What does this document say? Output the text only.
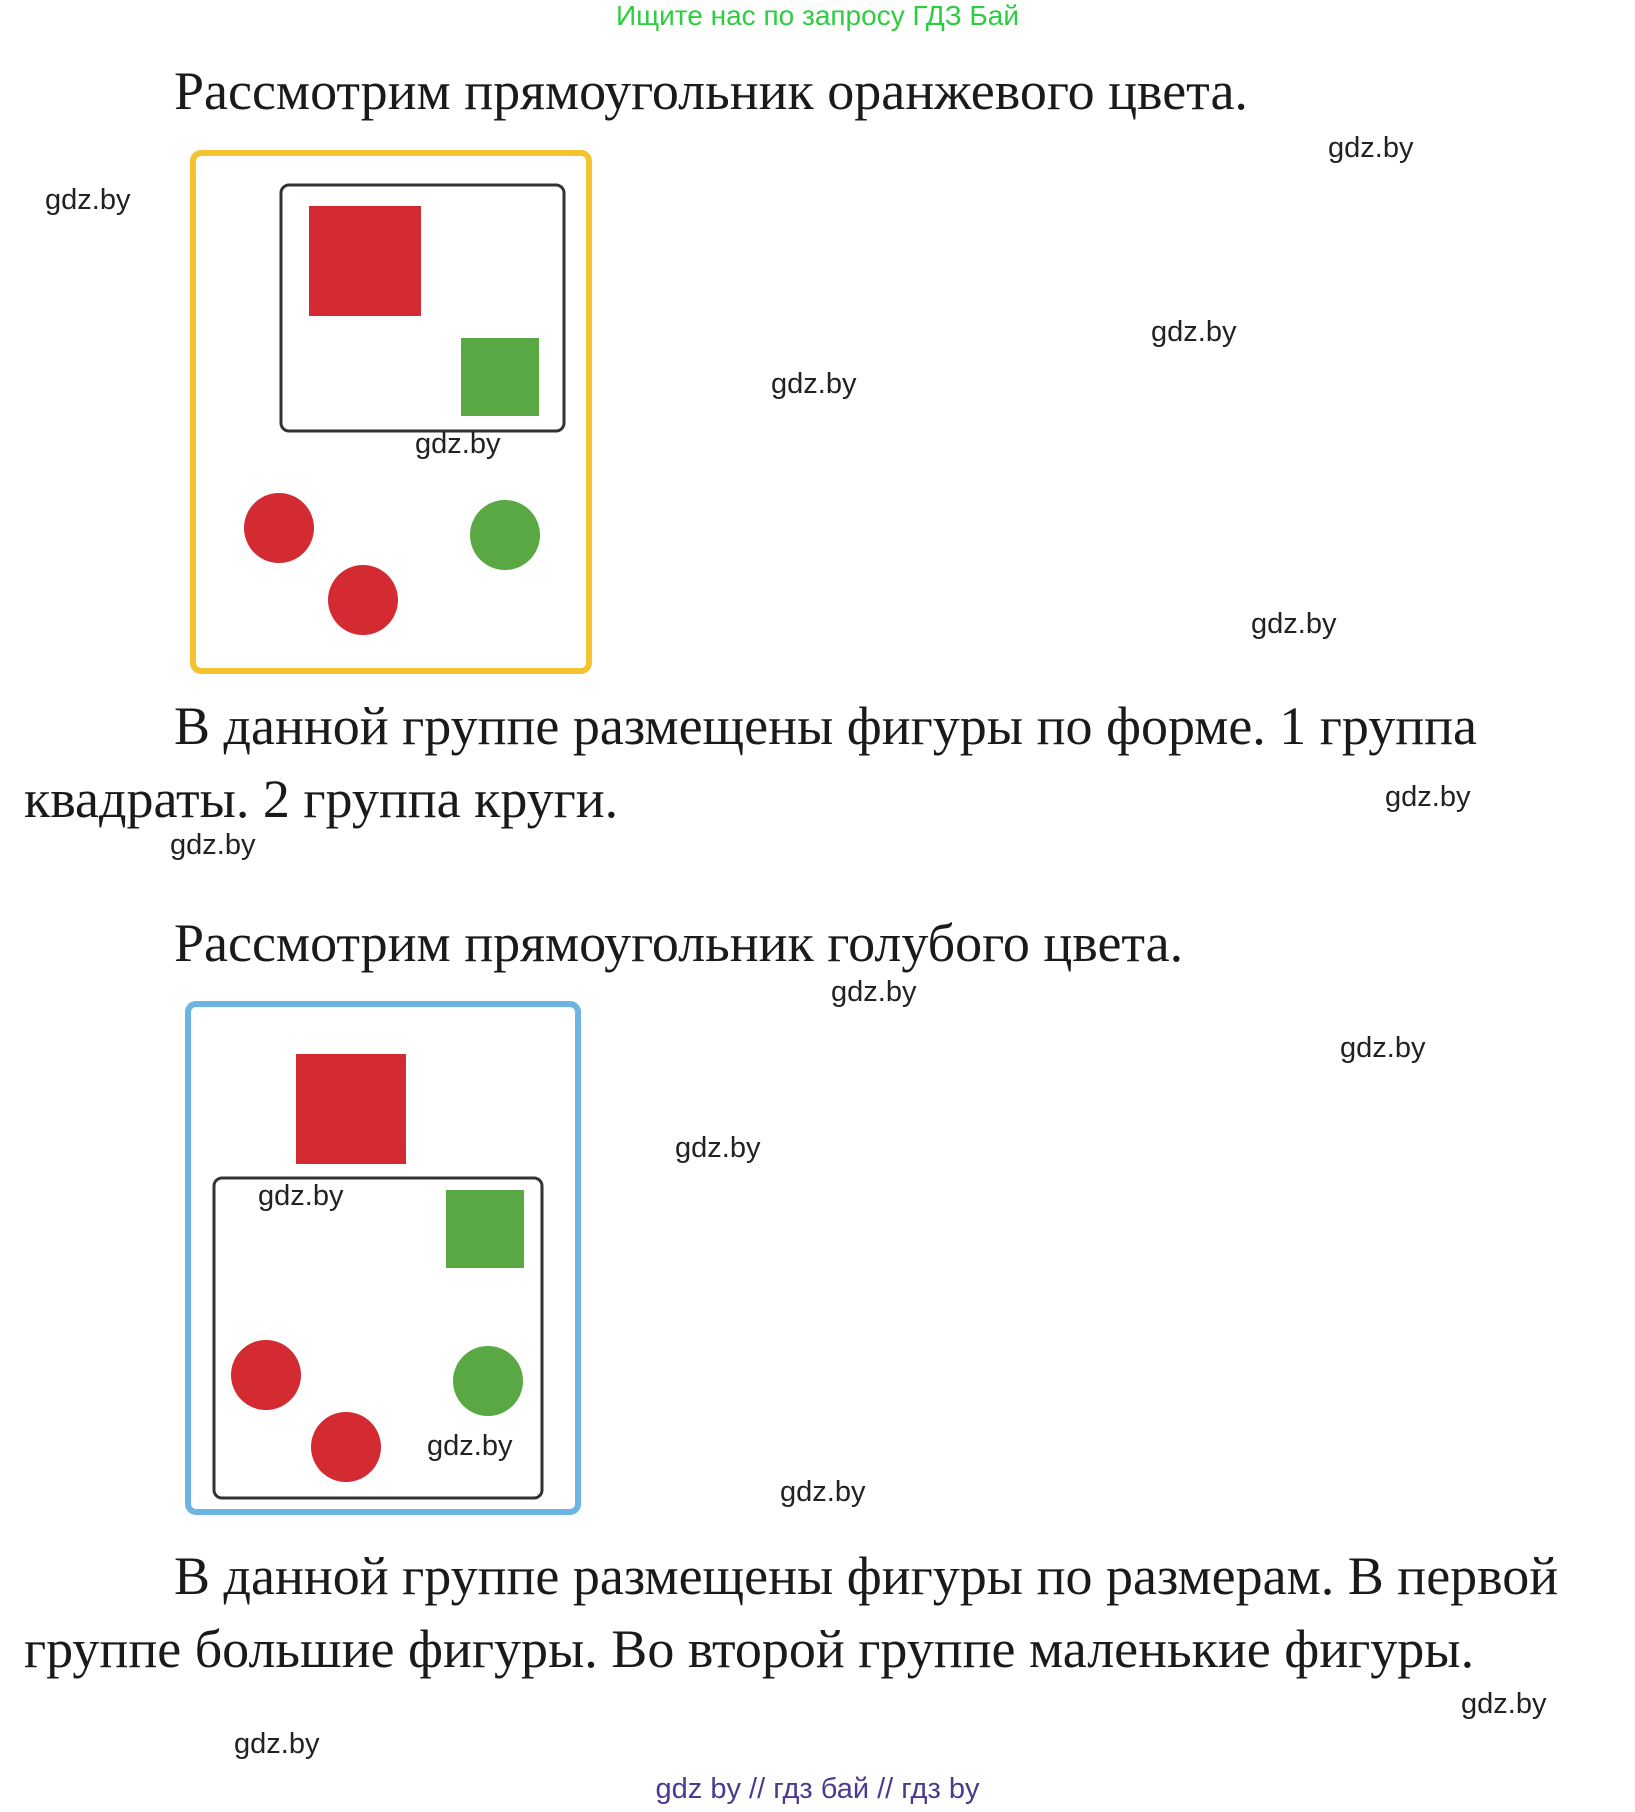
Ищите нас по запросу ГДЗ Бай

Рассмотрим прямоугольник оранжевого цвета.

В данной группе размещены фигуры по форме. 1 группа квадраты. 2 группа круги.

Рассмотрим прямоугольник голубого цвета.

В данной группе размещены фигуры по размерам. В первой группе большие фигуры. Во второй группе маленькие фигуры.

gdz.by
gdz.by
gdz.by
gdz.by
gdz.by
gdz.by
gdz.by
gdz.by
gdz.by
gdz.by
gdz.by
gdz.by
gdz.by
gdz.by
gdz.by
gdz.by
gdz by // гдз бай // гдз by
